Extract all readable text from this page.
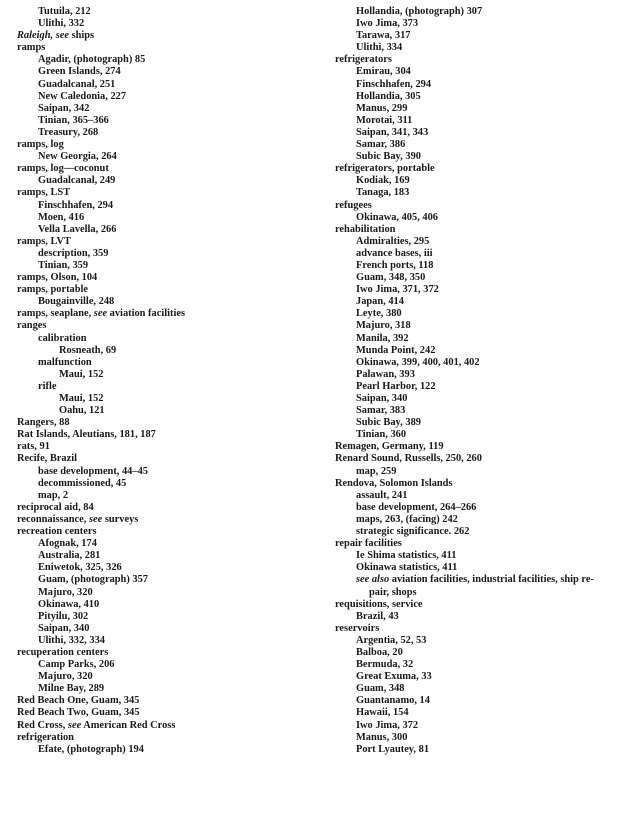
Tutuila, 212
Ulithi, 332
Raleigh, see ships
ramps
Agadir, (photograph) 85
Green Islands, 274
Guadalcanal, 251
New Caledonia, 227
Saipan, 342
Tinian, 365–366
Treasury, 268
ramps, log
New Georgia, 264
ramps, log—coconut
Guadalcanal, 249
ramps, LST
Finschhafen, 294
Moen, 416
Vella Lavella, 266
ramps, LVT
description, 359
Tinian, 359
ramps, Olson, 104
ramps, portable
Bougainville, 248
ramps, seaplane, see aviation facilities
ranges
calibration
Rosneath, 69
malfunction
Maui, 152
rifle
Maui, 152
Oahu, 121
Rangers, 88
Rat Islands, Aleutians, 181, 187
rats, 91
Recife, Brazil
base development, 44–45
decommissioned, 45
map, 2
reciprocal aid, 84
reconnaissance, see surveys
recreation centers
Afognak, 174
Australia, 281
Eniwetok, 325, 326
Guam, (photograph) 357
Majuro, 320
Okinawa, 410
Pityilu, 302
Saipan, 340
Ulithi, 332, 334
recuperation centers
Camp Parks, 206
Majuro, 320
Milne Bay, 289
Red Beach One, Guam, 345
Red Beach Two, Guam, 345
Red Cross, see American Red Cross
refrigeration
Efate, (photograph) 194
Hollandia, (photograph) 307
Iwo Jima, 373
Tarawa, 317
Ulithi, 334
refrigerators
Emirau, 304
Finschhafen, 294
Hollandia, 305
Manus, 299
Morotai, 311
Saipan, 341, 343
Samar, 386
Subic Bay, 390
refrigerators, portable
Kodiak, 169
Tanaga, 183
refugees
Okinawa, 405, 406
rehabilitation
Admiralties, 295
advance bases, iii
French ports, 118
Guam, 348, 350
Iwo Jima, 371, 372
Japan, 414
Leyte, 380
Majuro, 318
Manila, 392
Munda Point, 242
Okinawa, 399, 400, 401, 402
Palawan, 393
Pearl Harbor, 122
Saipan, 340
Samar, 383
Subic Bay, 389
Tinian, 360
Remagen, Germany, 119
Renard Sound, Russells, 250, 260
map, 259
Rendova, Solomon Islands
assault, 241
base development, 264–266
maps, 263, (facing) 242
strategic significance. 262
repair facilities
Ie Shima statistics, 411
Okinawa statistics, 411
see also aviation facilities, industrial facilities, ship re-
pair, shops
requisitions, service
Brazil, 43
reservoirs
Argentia, 52, 53
Balboa, 20
Bermuda, 32
Great Exuma, 33
Guam, 348
Guantanamo, 14
Hawaii, 154
Iwo Jima, 372
Manus, 300
Port Lyautey, 81
